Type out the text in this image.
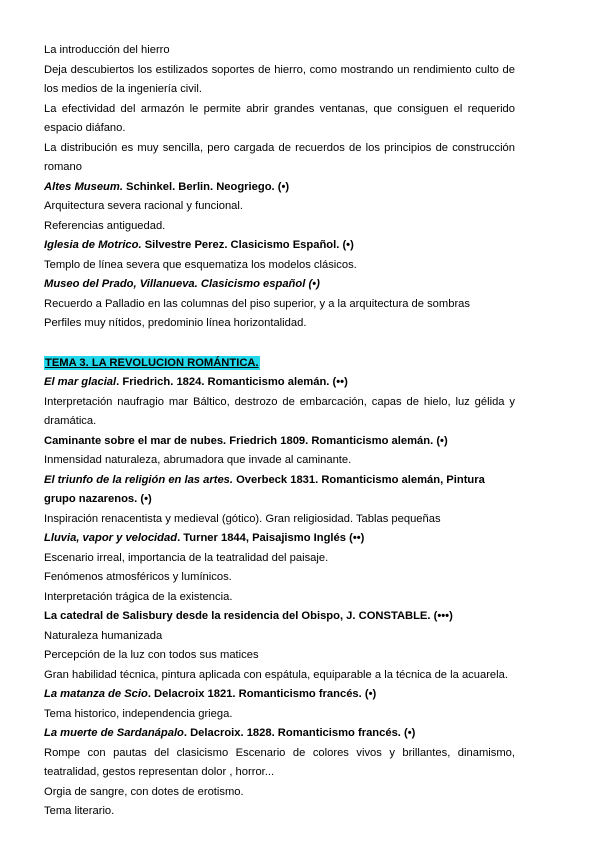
La introducción del hierro
Deja descubiertos los estilizados soportes de hierro, como mostrando un rendimiento culto de los medios de la ingeniería civil.
La efectividad del armazón le permite abrir grandes ventanas, que consiguen el requerido espacio diáfano.
La distribución es muy sencilla, pero cargada de recuerdos de los principios de construcción romano
Altes Museum. Schinkel. Berlin. Neogriego. (•)
Arquitectura severa racional y funcional.
Referencias antiguedad.
Iglesia de Motrico. Silvestre Perez. Clasicismo Español. (•)
Templo de línea severa que esquematiza los modelos clásicos.
Museo del Prado, Villanueva. Clasicismo español (•)
Recuerdo a Palladio en las columnas del piso superior, y a la arquitectura de sombras
Perfiles muy nítidos, predominio línea horizontalidad.
TEMA 3. LA REVOLUCION ROMÁNTICA.
El mar glacial. Friedrich. 1824. Romanticismo alemán. (••)
Interpretación naufragio mar Báltico, destrozo de embarcación, capas de hielo, luz gélida y dramática.
Caminante sobre el mar de nubes. Friedrich 1809. Romanticismo alemán. (•)
Inmensidad naturaleza, abrumadora que invade al caminante.
El triunfo de la religión en las artes. Overbeck 1831. Romanticismo alemán, Pintura grupo nazarenos. (•)
Inspiración renacentista y medieval (gótico). Gran religiosidad. Tablas pequeñas
Lluvia, vapor y velocidad. Turner 1844, Paisajismo Inglés (••)
Escenario irreal, importancia de la teatralidad del paisaje.
Fenómenos atmosféricos y lumínicos.
Interpretación trágica de la existencia.
La catedral de Salisbury desde la residencia del Obispo, J. CONSTABLE. (•••)
Naturaleza humanizada
Percepción de la luz con todos sus matices
Gran habilidad técnica, pintura aplicada con espátula, equiparable a la técnica de la acuarela.
La matanza de Scio. Delacroix 1821. Romanticismo francés. (•)
Tema historico, independencia griega.
La muerte de Sardanápalo. Delacroix. 1828. Romanticismo francés. (•)
Rompe con pautas del clasicismo Escenario de colores vivos y brillantes, dinamismo, teatralidad, gestos representan dolor , horror...
Orgia de sangre, con dotes de erotismo.
Tema literario.
